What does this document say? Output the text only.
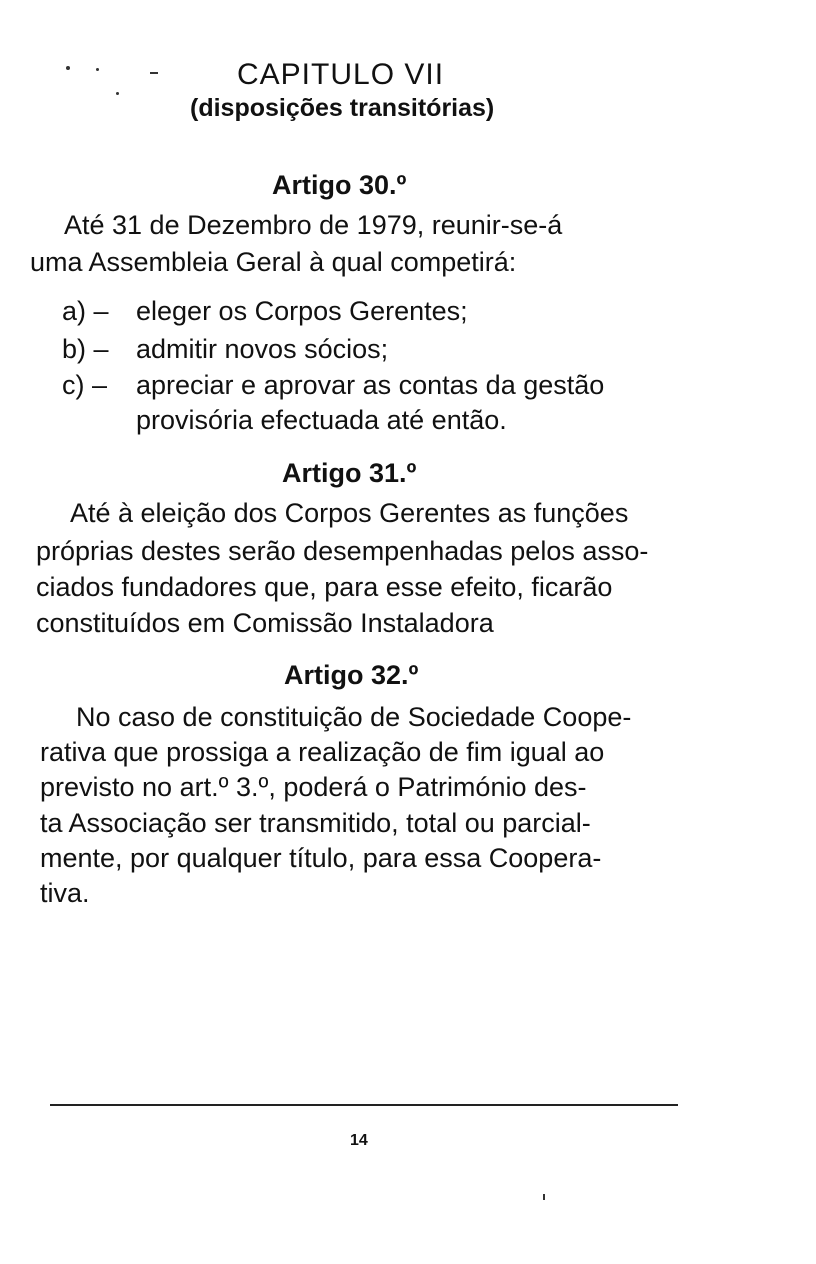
CAPITULO VII
(disposições transitórias)
Artigo 30.º
Até 31 de Dezembro de 1979, reunir-se-á
uma Assembleia Geral à qual competirá:
a) – eleger os Corpos Gerentes;
b) – admitir novos sócios;
c) – apreciar e aprovar as contas da gestão
provisória efectuada até então.
Artigo 31.º
Até à eleição dos Corpos Gerentes as funções
próprias destes serão desempenhadas pelos asso-
ciados fundadores que, para esse efeito, ficarão
constituídos em Comissão Instaladora
Artigo 32.º
No caso de constituição de Sociedade Coope-
rativa que prossiga a realização de fim igual ao
previsto no art.º 3.º, poderá o Património des-
ta Associação ser transmitido, total ou parcial-
mente, por qualquer título, para essa Coopera-
tiva.
14
